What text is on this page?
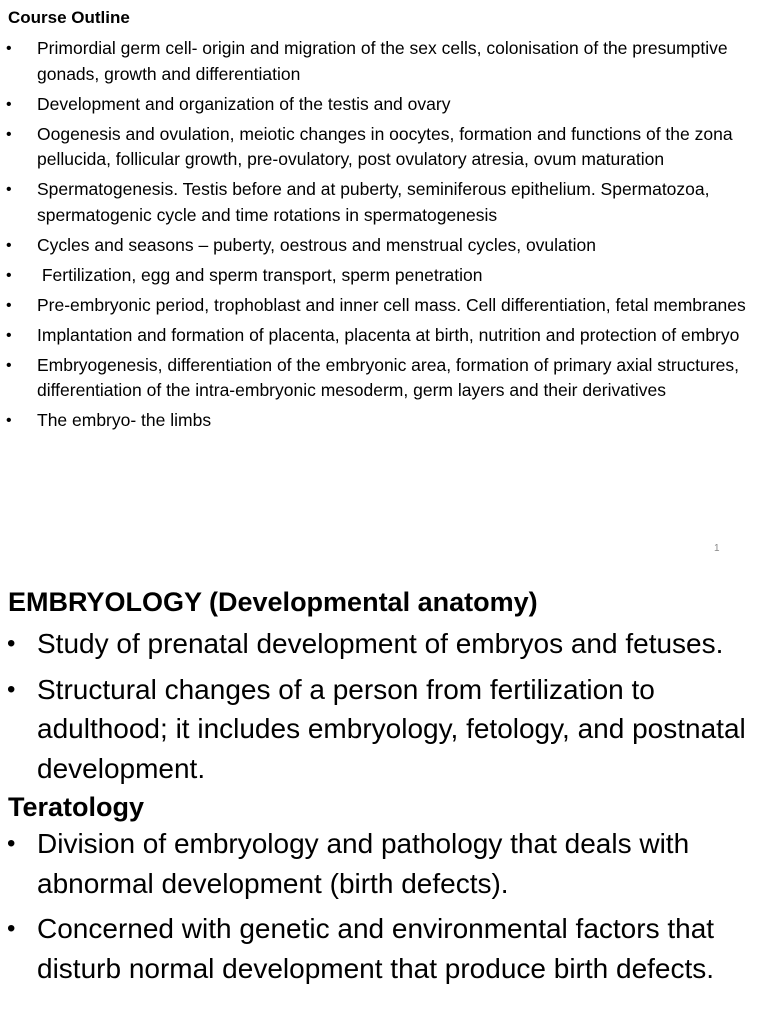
Course Outline
• Primordial germ cell- origin and migration of the sex cells, colonisation of the presumptive gonads, growth and differentiation
• Development and organization of the testis and ovary
• Oogenesis and ovulation, meiotic changes in oocytes, formation and functions of the zona pellucida, follicular growth, pre-ovulatory, post ovulatory atresia, ovum maturation
• Spermatogenesis. Testis before and at puberty, seminiferous epithelium. Spermatozoa, spermatogenic cycle and time rotations in spermatogenesis
• Cycles and seasons – puberty, oestrous and menstrual cycles, ovulation
• Fertilization, egg and sperm transport, sperm penetration
• Pre-embryonic period, trophoblast and inner cell mass. Cell differentiation, fetal membranes
• Implantation and formation of placenta, placenta at birth, nutrition and protection of embryo
• Embryogenesis, differentiation of the embryonic area, formation of primary axial structures, differentiation of the intra-embryonic mesoderm, germ layers and their derivatives
• The embryo- the limbs
1
EMBRYOLOGY (Developmental anatomy)
• Study of prenatal development of embryos and fetuses.
• Structural changes of a person from fertilization to adulthood; it includes embryology, fetology, and postnatal development.
Teratology
• Division of embryology and pathology that deals with abnormal development (birth defects).
• Concerned with genetic and environmental factors that disturb normal development that produce birth defects.
